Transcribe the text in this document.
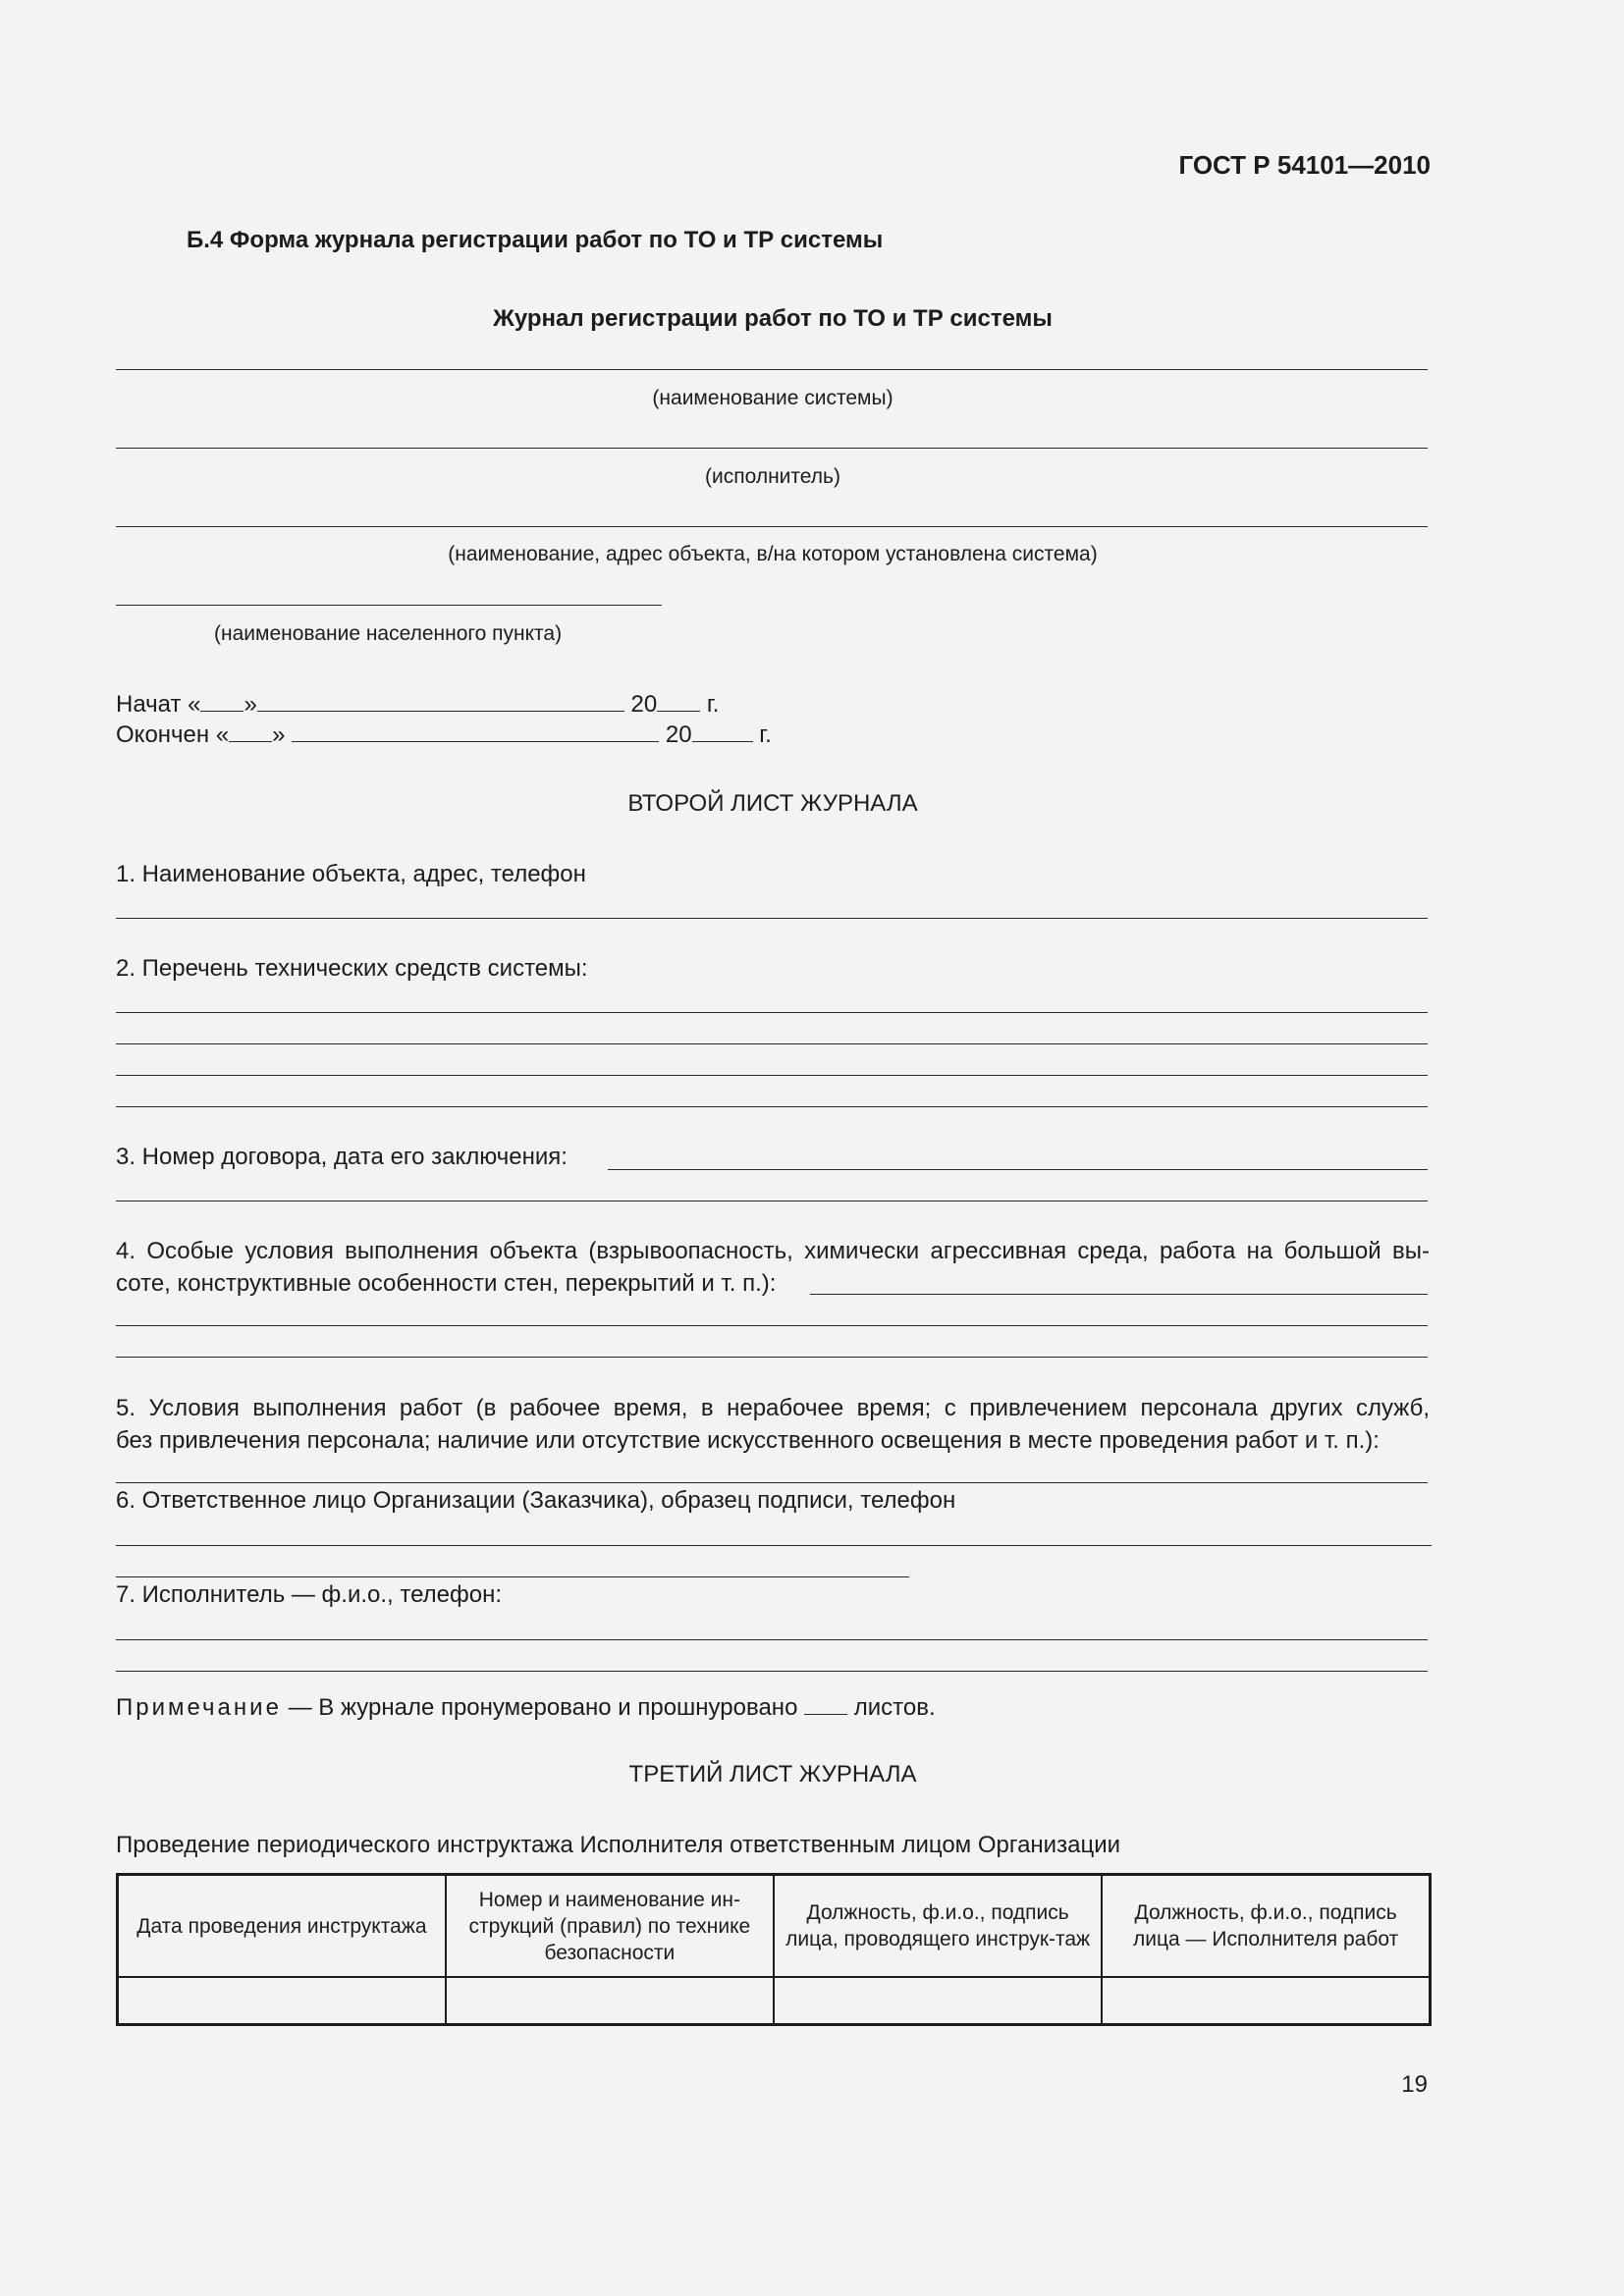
ГОСТ Р 54101—2010
Б.4 Форма журнала регистрации работ по ТО и ТР системы
Журнал регистрации работ по ТО и ТР системы
(наименование системы)
(исполнитель)
(наименование, адрес объекта, в/на котором установлена система)
(наименование населенного пункта)
Начат « »	20 г.
Окончен « »	20	г.
ВТОРОЙ ЛИСТ ЖУРНАЛА
1. Наименование объекта, адрес, телефон
2. Перечень технических средств системы:
3. Номер договора, дата его заключения:
4. Особые условия выполнения объекта (взрывоопасность, химически агрессивная среда, работа на большой вы-
соте, конструктивные особенности стен, перекрытий и т. п.):
5. Условия выполнения работ (в рабочее время, в нерабочее время; с привлечением персонала других служб,
без привлечения персонала; наличие или отсутствие искусственного освещения в месте проведения работ и т. п.):
6. Ответственное лицо Организации (Заказчика), образец подписи, телефон
7. Исполнитель — ф.и.о., телефон:
Примечание — В журнале пронумеровано и прошнуровано  листов.
ТРЕТИЙ ЛИСТ ЖУРНАЛА
Проведение периодического инструктажа Исполнителя ответственным лицом Организации
Дата проведения инструктажа	Номер и наименование ин-струкций (правил) по технике безопасности	Должность, ф.и.о., подпись лица, проводящего инструк-таж	Должность, ф.и.о., подпись лица — Исполнителя работ

19
